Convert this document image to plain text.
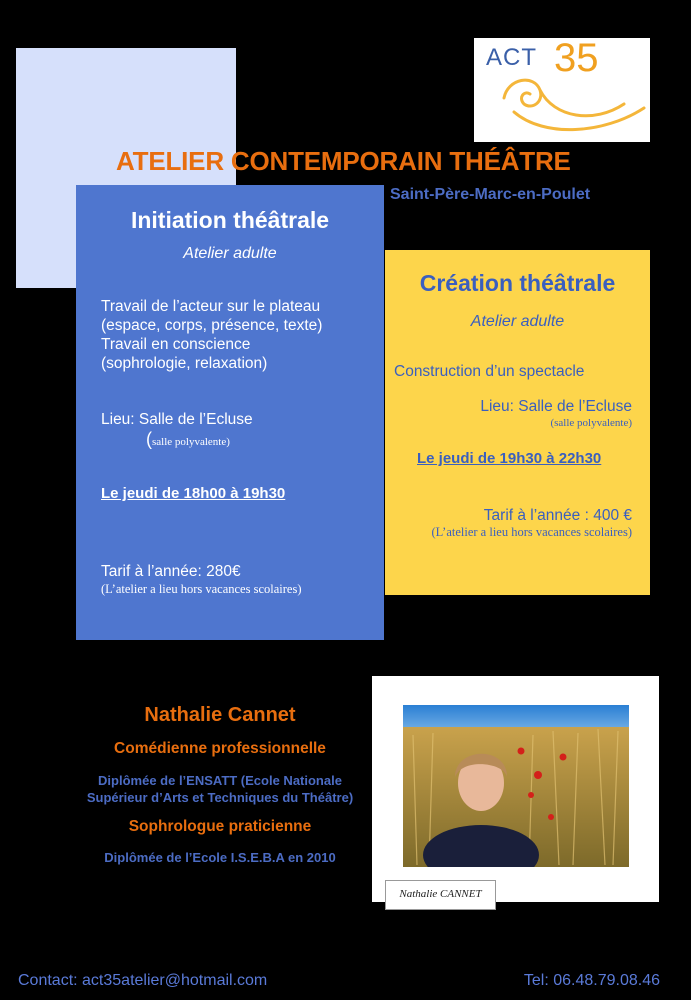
ACT 35
ATELIER CONTEMPORAIN THÉÂTRE
Saint-Père-Marc-en-Poulet
Initiation théâtrale
Atelier adulte
Travail de l’acteur sur le plateau
(espace, corps, présence, texte)
Travail en conscience
(sophrologie, relaxation)
Lieu: Salle de l’Ecluse
(salle polyvalente)
Le jeudi de 18h00 à 19h30
Tarif à l’année: 280€
(L’atelier a lieu hors vacances scolaires)
Création théâtrale
Atelier adulte
Construction d’un spectacle
Lieu: Salle de l’Ecluse
(salle polyvalente)
Le jeudi de 19h30 à 22h30
Tarif à l’année : 400 €
(L’atelier a lieu hors vacances scolaires)
Nathalie Cannet
Comédienne professionnelle
Diplômée de l’ENSATT (Ecole Nationale
Supérieur d’Arts et Techniques du Théâtre)
Sophrologue praticienne
Diplômée de l’Ecole I.S.E.B.A en 2010
Nathalie CANNET
Contact: act35atelier@hotmail.com	Tel: 06.48.79.08.46
